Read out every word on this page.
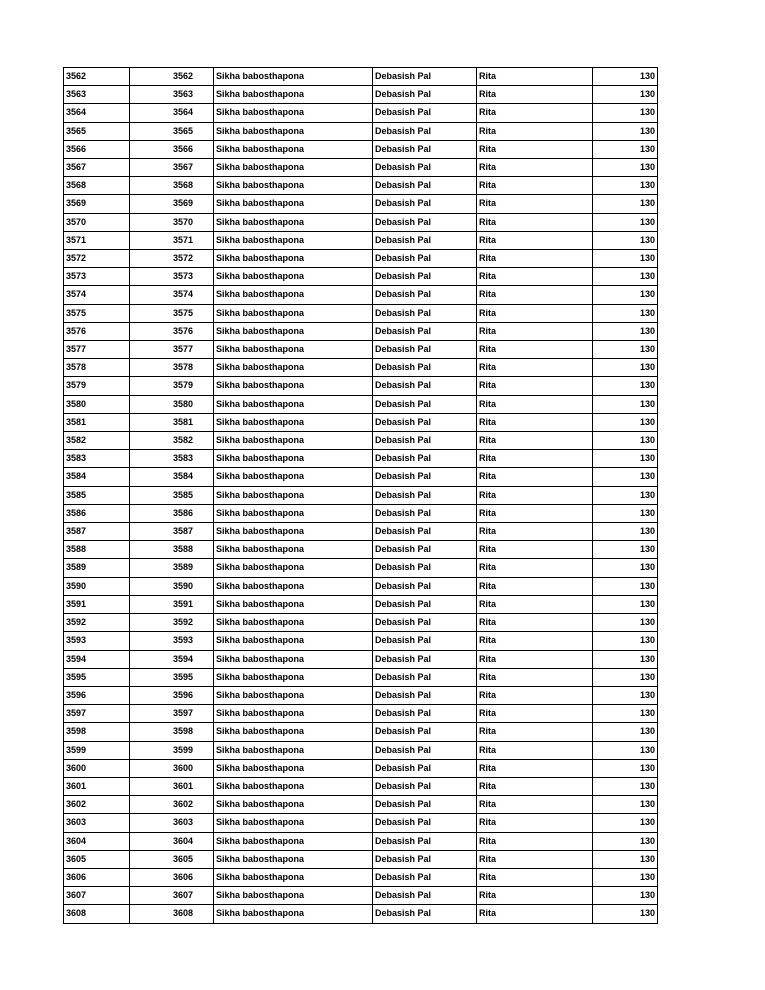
3562	3562	Sikha babosthapona	Debasish Pal	Rita	130
3563	3563	Sikha babosthapona	Debasish Pal	Rita	130
3564	3564	Sikha babosthapona	Debasish Pal	Rita	130
3565	3565	Sikha babosthapona	Debasish Pal	Rita	130
3566	3566	Sikha babosthapona	Debasish Pal	Rita	130
3567	3567	Sikha babosthapona	Debasish Pal	Rita	130
3568	3568	Sikha babosthapona	Debasish Pal	Rita	130
3569	3569	Sikha babosthapona	Debasish Pal	Rita	130
3570	3570	Sikha babosthapona	Debasish Pal	Rita	130
3571	3571	Sikha babosthapona	Debasish Pal	Rita	130
3572	3572	Sikha babosthapona	Debasish Pal	Rita	130
3573	3573	Sikha babosthapona	Debasish Pal	Rita	130
3574	3574	Sikha babosthapona	Debasish Pal	Rita	130
3575	3575	Sikha babosthapona	Debasish Pal	Rita	130
3576	3576	Sikha babosthapona	Debasish Pal	Rita	130
3577	3577	Sikha babosthapona	Debasish Pal	Rita	130
3578	3578	Sikha babosthapona	Debasish Pal	Rita	130
3579	3579	Sikha babosthapona	Debasish Pal	Rita	130
3580	3580	Sikha babosthapona	Debasish Pal	Rita	130
3581	3581	Sikha babosthapona	Debasish Pal	Rita	130
3582	3582	Sikha babosthapona	Debasish Pal	Rita	130
3583	3583	Sikha babosthapona	Debasish Pal	Rita	130
3584	3584	Sikha babosthapona	Debasish Pal	Rita	130
3585	3585	Sikha babosthapona	Debasish Pal	Rita	130
3586	3586	Sikha babosthapona	Debasish Pal	Rita	130
3587	3587	Sikha babosthapona	Debasish Pal	Rita	130
3588	3588	Sikha babosthapona	Debasish Pal	Rita	130
3589	3589	Sikha babosthapona	Debasish Pal	Rita	130
3590	3590	Sikha babosthapona	Debasish Pal	Rita	130
3591	3591	Sikha babosthapona	Debasish Pal	Rita	130
3592	3592	Sikha babosthapona	Debasish Pal	Rita	130
3593	3593	Sikha babosthapona	Debasish Pal	Rita	130
3594	3594	Sikha babosthapona	Debasish Pal	Rita	130
3595	3595	Sikha babosthapona	Debasish Pal	Rita	130
3596	3596	Sikha babosthapona	Debasish Pal	Rita	130
3597	3597	Sikha babosthapona	Debasish Pal	Rita	130
3598	3598	Sikha babosthapona	Debasish Pal	Rita	130
3599	3599	Sikha babosthapona	Debasish Pal	Rita	130
3600	3600	Sikha babosthapona	Debasish Pal	Rita	130
3601	3601	Sikha babosthapona	Debasish Pal	Rita	130
3602	3602	Sikha babosthapona	Debasish Pal	Rita	130
3603	3603	Sikha babosthapona	Debasish Pal	Rita	130
3604	3604	Sikha babosthapona	Debasish Pal	Rita	130
3605	3605	Sikha babosthapona	Debasish Pal	Rita	130
3606	3606	Sikha babosthapona	Debasish Pal	Rita	130
3607	3607	Sikha babosthapona	Debasish Pal	Rita	130
3608	3608	Sikha babosthapona	Debasish Pal	Rita	130
